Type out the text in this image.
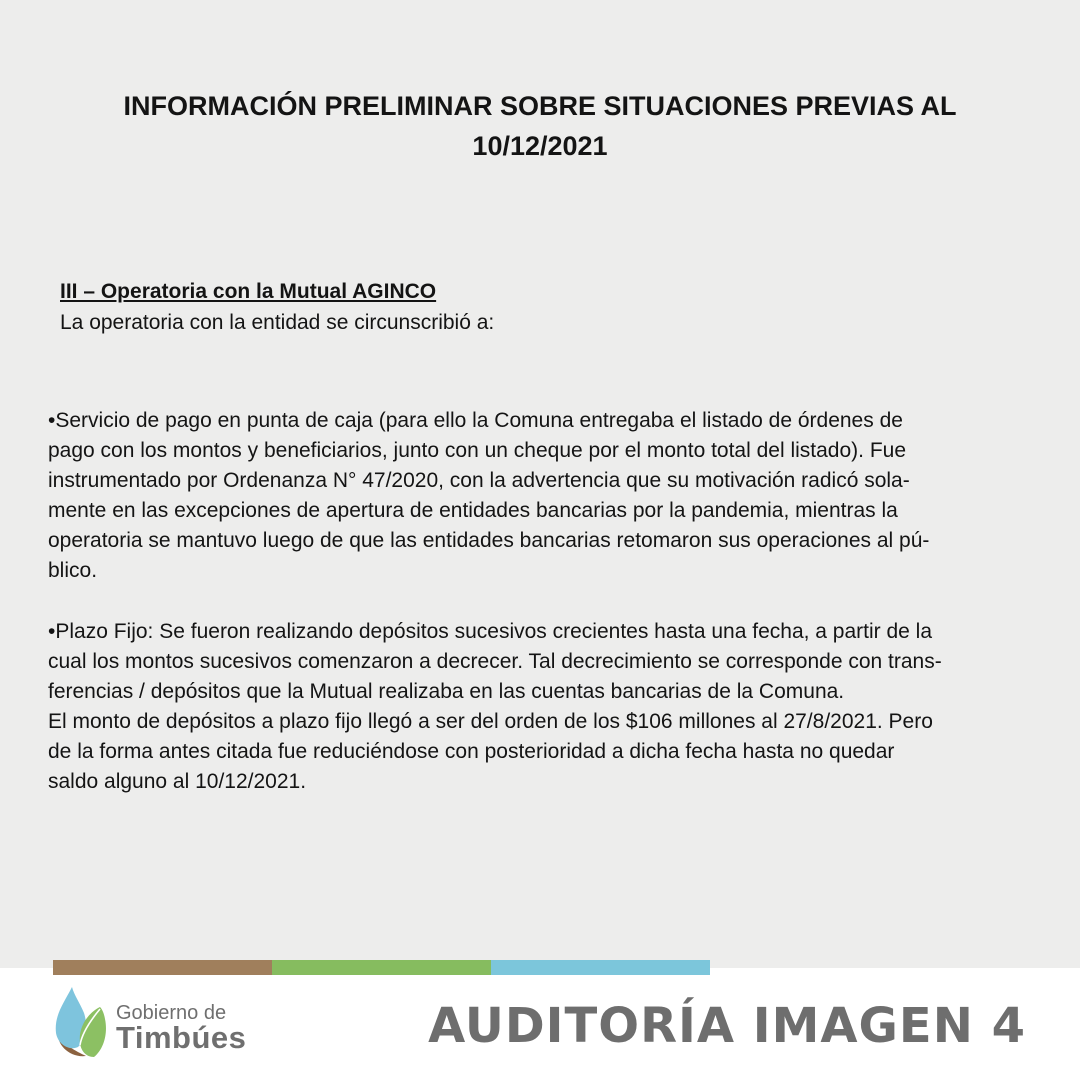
INFORMACIÓN PRELIMINAR SOBRE SITUACIONES PREVIAS AL
10/12/2021

III – Operatoria con la Mutual AGINCO

La operatoria con la entidad se circunscribió a:

•Servicio de pago en punta de caja (para ello la Comuna entregaba el listado de órdenes de
pago con los montos y beneficiarios, junto con un cheque por el monto total del listado). Fue
instrumentado por Ordenanza N° 47/2020, con la advertencia que su motivación radicó sola-
mente en las excepciones de apertura de entidades bancarias por la pandemia, mientras la
operatoria se mantuvo luego de que las entidades bancarias retomaron sus operaciones al pú-
blico.

•Plazo Fijo: Se fueron realizando depósitos sucesivos crecientes hasta una fecha, a partir de la
cual los montos sucesivos comenzaron a decrecer. Tal decrecimiento se corresponde con trans-
ferencias / depósitos que la Mutual realizaba en las cuentas bancarias de la Comuna.
El monto de depósitos a plazo fijo llegó a ser del orden de los $106 millones al 27/8/2021. Pero
de la forma antes citada fue reduciéndose con posterioridad a dicha fecha hasta no quedar
saldo alguno al 10/12/2021.

Gobierno de
Timbúes	AUDITORÍA IMAGEN 4
